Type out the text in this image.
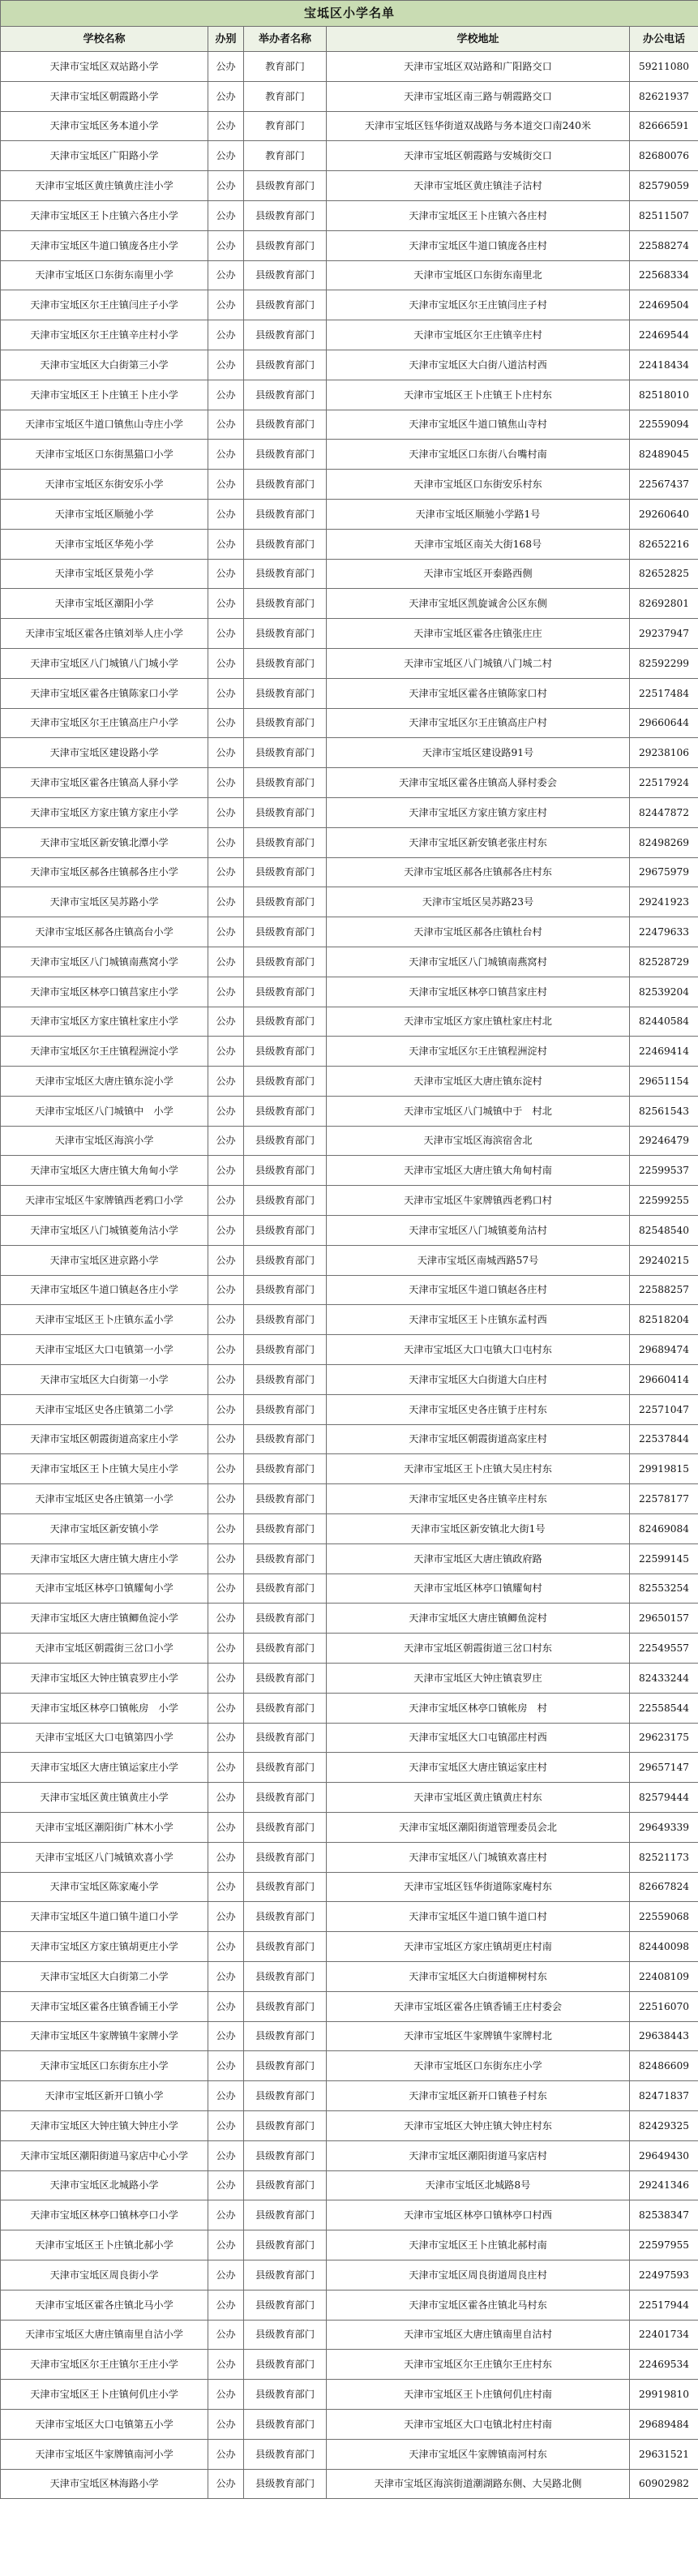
宝坻区小学名单				
学校名称	办别	举办者名称	学校地址	办公电话
天津市宝坻区双站路小学	公办	教育部门	天津市宝坻区双站路和广阳路交口	59211080
天津市宝坻区朝霞路小学	公办	教育部门	天津市宝坻区南三路与朝霞路交口	82621937
天津市宝坻区务本道小学	公办	教育部门	天津市宝坻区钰华街道双战路与务本道交口南240米	82666591
天津市宝坻区广阳路小学	公办	教育部门	天津市宝坻区朝霞路与安城街交口	82680076
天津市宝坻区黄庄镇黄庄洼小学	公办	县级教育部门	天津市宝坻区黄庄镇洼子沽村	82579059
天津市宝坻区王卜庄镇六各庄小学	公办	县级教育部门	天津市宝坻区王卜庄镇六各庄村	82511507
天津市宝坻区牛道口镇庞各庄小学	公办	县级教育部门	天津市宝坻区牛道口镇庞各庄村	22588274
天津市宝坻区口东街东南里小学	公办	县级教育部门	天津市宝坻区口东街东南里北	22568334
天津市宝坻区尔王庄镇闫庄子小学	公办	县级教育部门	天津市宝坻区尔王庄镇闫庄子村	22469504
天津市宝坻区尔王庄镇辛庄村小学	公办	县级教育部门	天津市宝坻区尔王庄镇辛庄村	22469544
天津市宝坻区大白街第三小学	公办	县级教育部门	天津市宝坻区大白街八道沽村西	22418434
天津市宝坻区王卜庄镇王卜庄小学	公办	县级教育部门	天津市宝坻区王卜庄镇王卜庄村东	82518010
天津市宝坻区牛道口镇焦山寺庄小学	公办	县级教育部门	天津市宝坻区牛道口镇焦山寺村	22559094
天津市宝坻区口东街黑猫口小学	公办	县级教育部门	天津市宝坻区口东街八台嘴村南	82489045
天津市宝坻区东街安乐小学	公办	县级教育部门	天津市宝坻区口东街安乐村东	22567437
天津市宝坻区顺驰小学	公办	县级教育部门	天津市宝坻区顺驰小学路1号	29260640
天津市宝坻区华苑小学	公办	县级教育部门	天津市宝坻区南关大街168号	82652216
天津市宝坻区景苑小学	公办	县级教育部门	天津市宝坻区开泰路西侧	82652825
天津市宝坻区潮阳小学	公办	县级教育部门	天津市宝坻区凯旋诚舍公区东侧	82692801
天津市宝坻区霍各庄镇刘举人庄小学	公办	县级教育部门	天津市宝坻区霍各庄镇张庄庄	29237947
天津市宝坻区八门城镇八门城小学	公办	县级教育部门	天津市宝坻区八门城镇八门城二村	82592299
天津市宝坻区霍各庄镇陈家口小学	公办	县级教育部门	天津市宝坻区霍各庄镇陈家口村	22517484
天津市宝坻区尔王庄镇高庄户小学	公办	县级教育部门	天津市宝坻区尔王庄镇高庄户村	29660644
天津市宝坻区建设路小学	公办	县级教育部门	天津市宝坻区建设路91号	29238106
天津市宝坻区霍各庄镇高人驿小学	公办	县级教育部门	天津市宝坻区霍各庄镇高人驿村委会	22517924
天津市宝坻区方家庄镇方家庄小学	公办	县级教育部门	天津市宝坻区方家庄镇方家庄村	82447872
天津市宝坻区新安镇北潭小学	公办	县级教育部门	天津市宝坻区新安镇老张庄村东	82498269
天津市宝坻区郝各庄镇郝各庄小学	公办	县级教育部门	天津市宝坻区郝各庄镇郝各庄村东	29675979
天津市宝坻区吴苏路小学	公办	县级教育部门	天津市宝坻区吴苏路23号	29241923
天津市宝坻区郝各庄镇高台小学	公办	县级教育部门	天津市宝坻区郝各庄镇杜台村	22479633
天津市宝坻区八门城镇南燕窝小学	公办	县级教育部门	天津市宝坻区八门城镇南燕窝村	82528729
天津市宝坻区林亭口镇莒家庄小学	公办	县级教育部门	天津市宝坻区林亭口镇莒家庄村	82539204
天津市宝坻区方家庄镇杜家庄小学	公办	县级教育部门	天津市宝坻区方家庄镇杜家庄村北	82440584
天津市宝坻区尔王庄镇程洲淀小学	公办	县级教育部门	天津市宝坻区尔王庄镇程洲淀村	22469414
天津市宝坻区大唐庄镇东淀小学	公办	县级教育部门	天津市宝坻区大唐庄镇东淀村	29651154
天津市宝坻区八门城镇中　小学	公办	县级教育部门	天津市宝坻区八门城镇中于　村北	82561543
天津市宝坻区海滨小学	公办	县级教育部门	天津市宝坻区海滨宿舍北	29246479
天津市宝坻区大唐庄镇大角甸小学	公办	县级教育部门	天津市宝坻区大唐庄镇大角甸村南	22599537
天津市宝坻区牛家牌镇西老鸦口小学	公办	县级教育部门	天津市宝坻区牛家牌镇西老鸦口村	22599255
天津市宝坻区八门城镇菱角沽小学	公办	县级教育部门	天津市宝坻区八门城镇菱角沽村	82548540
天津市宝坻区进京路小学	公办	县级教育部门	天津市宝坻区南城西路57号	29240215
天津市宝坻区牛道口镇赵各庄小学	公办	县级教育部门	天津市宝坻区牛道口镇赵各庄村	22588257
天津市宝坻区王卜庄镇东孟小学	公办	县级教育部门	天津市宝坻区王卜庄镇东孟村西	82518204
天津市宝坻区大口屯镇第一小学	公办	县级教育部门	天津市宝坻区大口屯镇大口屯村东	29689474
天津市宝坻区大白街第一小学	公办	县级教育部门	天津市宝坻区大白街道大白庄村	29660414
天津市宝坻区史各庄镇第二小学	公办	县级教育部门	天津市宝坻区史各庄镇于庄村东	22571047
天津市宝坻区朝霞街道高家庄小学	公办	县级教育部门	天津市宝坻区朝霞街道高家庄村	22537844
天津市宝坻区王卜庄镇大吴庄小学	公办	县级教育部门	天津市宝坻区王卜庄镇大吴庄村东	29919815
天津市宝坻区史各庄镇第一小学	公办	县级教育部门	天津市宝坻区史各庄镇辛庄村东	22578177
天津市宝坻区新安镇小学	公办	县级教育部门	天津市宝坻区新安镇北大街1号	82469084
天津市宝坻区大唐庄镇大唐庄小学	公办	县级教育部门	天津市宝坻区大唐庄镇政府路	22599145
天津市宝坻区林亭口镇耀甸小学	公办	县级教育部门	天津市宝坻区林亭口镇耀甸村	82553254
天津市宝坻区大唐庄镇鲫鱼淀小学	公办	县级教育部门	天津市宝坻区大唐庄镇鲫鱼淀村	29650157
天津市宝坻区朝霞街三岔口小学	公办	县级教育部门	天津市宝坻区朝霞街道三岔口村东	22549557
天津市宝坻区大钟庄镇袁罗庄小学	公办	县级教育部门	天津市宝坻区大钟庄镇袁罗庄	82433244
天津市宝坻区林亭口镇帐房　小学	公办	县级教育部门	天津市宝坻区林亭口镇帐房　村	22558544
天津市宝坻区大口屯镇第四小学	公办	县级教育部门	天津市宝坻区大口屯镇邵庄村西	29623175
天津市宝坻区大唐庄镇运家庄小学	公办	县级教育部门	天津市宝坻区大唐庄镇运家庄村	29657147
天津市宝坻区黄庄镇黄庄小学	公办	县级教育部门	天津市宝坻区黄庄镇黄庄村东	82579444
天津市宝坻区潮阳街广林木小学	公办	县级教育部门	天津市宝坻区潮阳街道管理委员会北	29649339
天津市宝坻区八门城镇欢喜小学	公办	县级教育部门	天津市宝坻区八门城镇欢喜庄村	82521173
天津市宝坻区陈家庵小学	公办	县级教育部门	天津市宝坻区钰华街道陈家庵村东	82667824
天津市宝坻区牛道口镇牛道口小学	公办	县级教育部门	天津市宝坻区牛道口镇牛道口村	22559068
天津市宝坻区方家庄镇胡更庄小学	公办	县级教育部门	天津市宝坻区方家庄镇胡更庄村南	82440098
天津市宝坻区大白街第二小学	公办	县级教育部门	天津市宝坻区大白街道柳树村东	22408109
天津市宝坻区霍各庄镇香铺王小学	公办	县级教育部门	天津市宝坻区霍各庄镇香铺王庄村委会	22516070
天津市宝坻区牛家牌镇牛家牌小学	公办	县级教育部门	天津市宝坻区牛家牌镇牛家牌村北	29638443
天津市宝坻区口东街东庄小学	公办	县级教育部门	天津市宝坻区口东街东庄小学	82486609
天津市宝坻区新开口镇小学	公办	县级教育部门	天津市宝坻区新开口镇巷子村东	82471837
天津市宝坻区大钟庄镇大钟庄小学	公办	县级教育部门	天津市宝坻区大钟庄镇大钟庄村东	82429325
天津市宝坻区潮阳街道马家店中心小学	公办	县级教育部门	天津市宝坻区潮阳街道马家店村	29649430
天津市宝坻区北城路小学	公办	县级教育部门	天津市宝坻区北城路8号	29241346
天津市宝坻区林亭口镇林亭口小学	公办	县级教育部门	天津市宝坻区林亭口镇林亭口村西	82538347
天津市宝坻区王卜庄镇北郝小学	公办	县级教育部门	天津市宝坻区王卜庄镇北郝村南	22597955
天津市宝坻区周良街小学	公办	县级教育部门	天津市宝坻区周良街道周良庄村	22497593
天津市宝坻区霍各庄镇北马小学	公办	县级教育部门	天津市宝坻区霍各庄镇北马村东	22517944
天津市宝坻区大唐庄镇南里自沽小学	公办	县级教育部门	天津市宝坻区大唐庄镇南里自沽村	22401734
天津市宝坻区尔王庄镇尔王庄小学	公办	县级教育部门	天津市宝坻区尔王庄镇尔王庄村东	22469534
天津市宝坻区王卜庄镇何仉庄小学	公办	县级教育部门	天津市宝坻区王卜庄镇何仉庄村南	29919810
天津市宝坻区大口屯镇第五小学	公办	县级教育部门	天津市宝坻区大口屯镇北村庄村南	29689484
天津市宝坻区牛家牌镇南河小学	公办	县级教育部门	天津市宝坻区牛家牌镇南河村东	29631521
天津市宝坻区林海路小学	公办	县级教育部门	天津市宝坻区海滨街道潮湖路东侧、大吴路北侧	60902982
